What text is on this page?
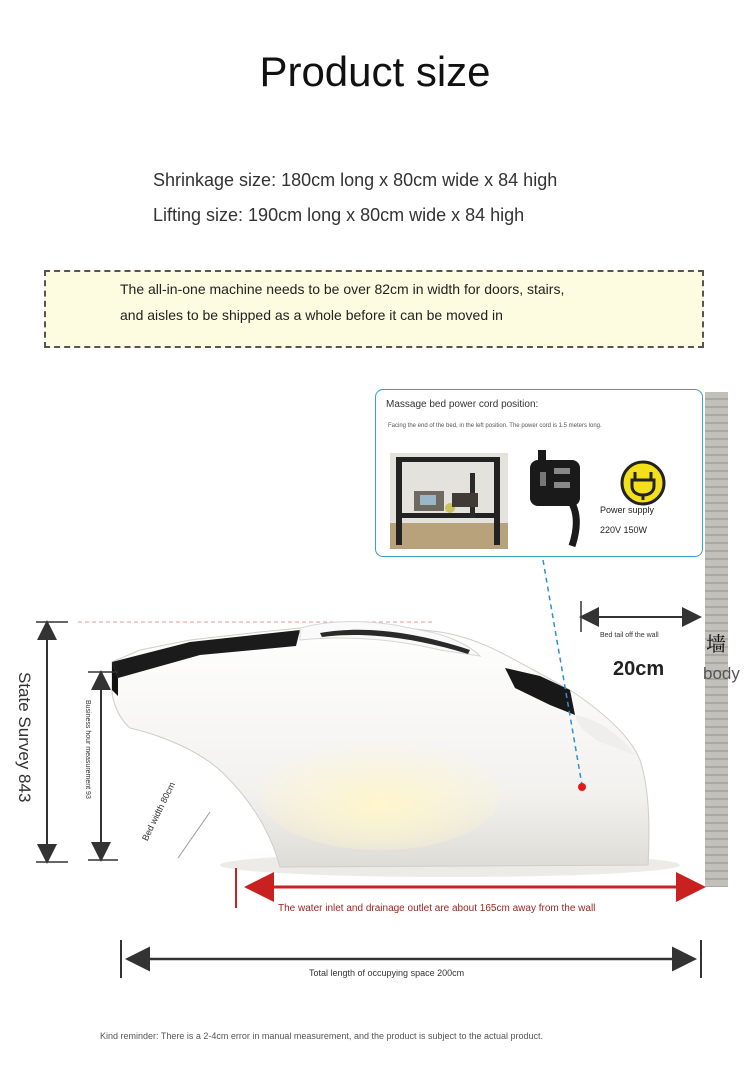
Product size
Shrinkage size: 180cm long x 80cm wide x 84 high
Lifting size: 190cm long x 80cm wide x 84 high
The all-in-one machine needs to be over 82cm in width for doors, stairs,
and aisles to be shipped as a whole before it can be moved in
墙
body
Massage bed power cord position:
Facing the end of the bed, in the left position. The power cord is 1.5 meters long.
Power supply
220V 150W
Bed tail off the wall
20cm
State Survey 843	Business hour measurement 93
Bed width 80cm
The water inlet and drainage outlet are about 165cm away from the wall
Total length of occupying space 200cm
Kind reminder: There is a 2-4cm error in manual measurement, and the product is subject to the actual product.
